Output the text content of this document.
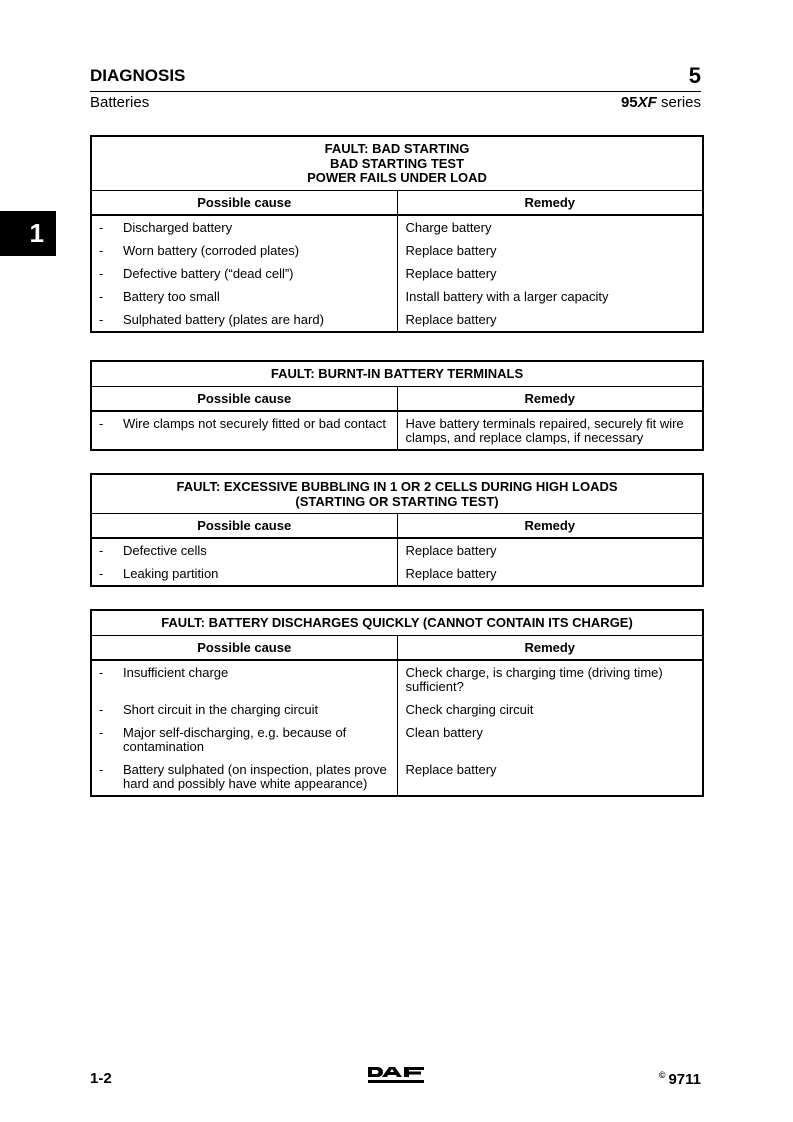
1
DIAGNOSIS	5
Batteries	95XF series
FAULT: BAD STARTING
BAD STARTING TEST
POWER FAILS UNDER LOAD	

Possible cause	Remedy

- Discharged battery	Charge battery

- Worn battery (corroded plates)	Replace battery

- Defective battery (“dead cell”)	Replace battery

- Battery too small	Install battery with a larger capacity

- Sulphated battery (plates are hard)	Replace battery
FAULT: BURNT-IN BATTERY TERMINALS	

Possible cause	Remedy

- Wire clamps not securely fitted or bad contact	Have battery terminals repaired, securely fit wire clamps, and replace clamps, if necessary
FAULT: EXCESSIVE BUBBLING IN 1 OR 2 CELLS DURING HIGH LOADS
(STARTING OR STARTING TEST)	

Possible cause	Remedy

- Defective cells	Replace battery

- Leaking partition	Replace battery
FAULT: BATTERY DISCHARGES QUICKLY (CANNOT CONTAIN ITS CHARGE)	

Possible cause	Remedy

- Insufficient charge	Check charge, is charging time (driving time) sufficient?

- Short circuit in the charging circuit	Check charging circuit

- Major self-discharging, e.g. because of contamination	Clean battery

- Battery sulphated (on inspection, plates prove hard and possibly have white appearance)	Replace battery
1-2	© 9711
